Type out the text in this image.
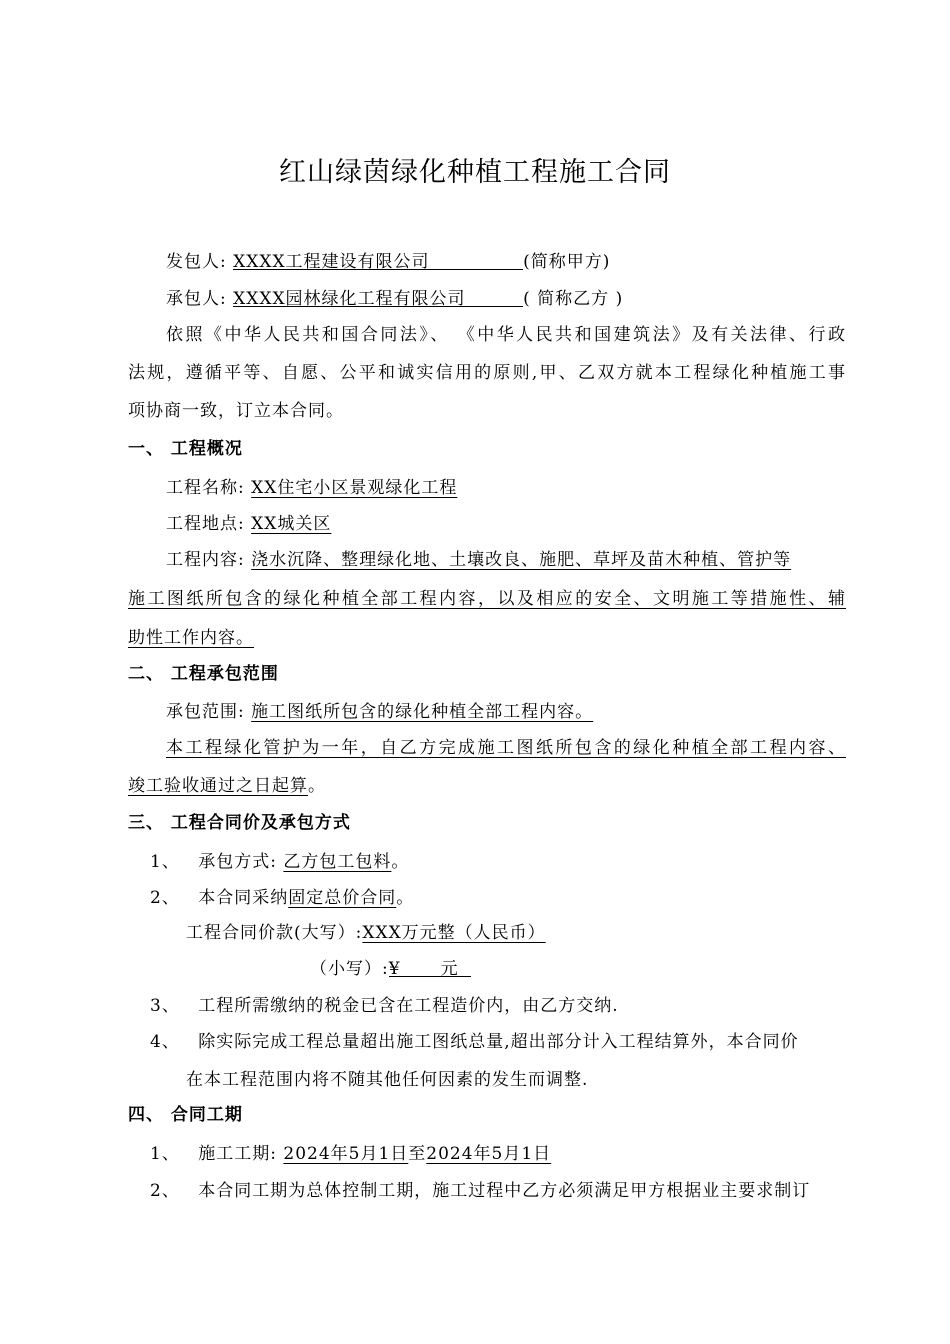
红山绿茵绿化种植工程施工合同
发包人: XXXX工程建设有限公司	(简称甲方)
承包人: XXXX园林绿化工程有限公司	( 简称乙方 )
依照《中华人民共和国合同法》、 《中华人民共和国建筑法》及有关法律、行政
法规，遵循平等、自愿、公平和诚实信用的原则,甲、乙双方就本工程绿化种植施工事
项协商一致，订立本合同。
一、 工程概况
工程名称: XX住宅小区景观绿化工程
工程地点: XX城关区
工程内容: 浇水沉降、整理绿化地、土壤改良、施肥、草坪及苗木种植、管护等
施工图纸所包含的绿化种植全部工程内容，以及相应的安全、文明施工等措施性、辅
助性工作内容。
二、 工程承包范围
承包范围: 施工图纸所包含的绿化种植全部工程内容。
本工程绿化管护为一年，自乙方完成施工图纸所包含的绿化种植全部工程内容、
竣工验收通过之日起算。
三、 工程合同价及承包方式
1、 承包方式: 乙方包工包料。
2、 本合同采纳固定总价合同。
工程合同价款(大写）:XXX万元整（人民币）
（小写）:¥ 元
3、 工程所需缴纳的税金已含在工程造价内，由乙方交纳.
4、 除实际完成工程总量超出施工图纸总量,超出部分计入工程结算外，本合同价
在本工程范围内将不随其他任何因素的发生而调整.
四、 合同工期
1、 施工工期: 2024年5月1日至2024年5月1日
2、 本合同工期为总体控制工期，施工过程中乙方必须满足甲方根据业主要求制订
